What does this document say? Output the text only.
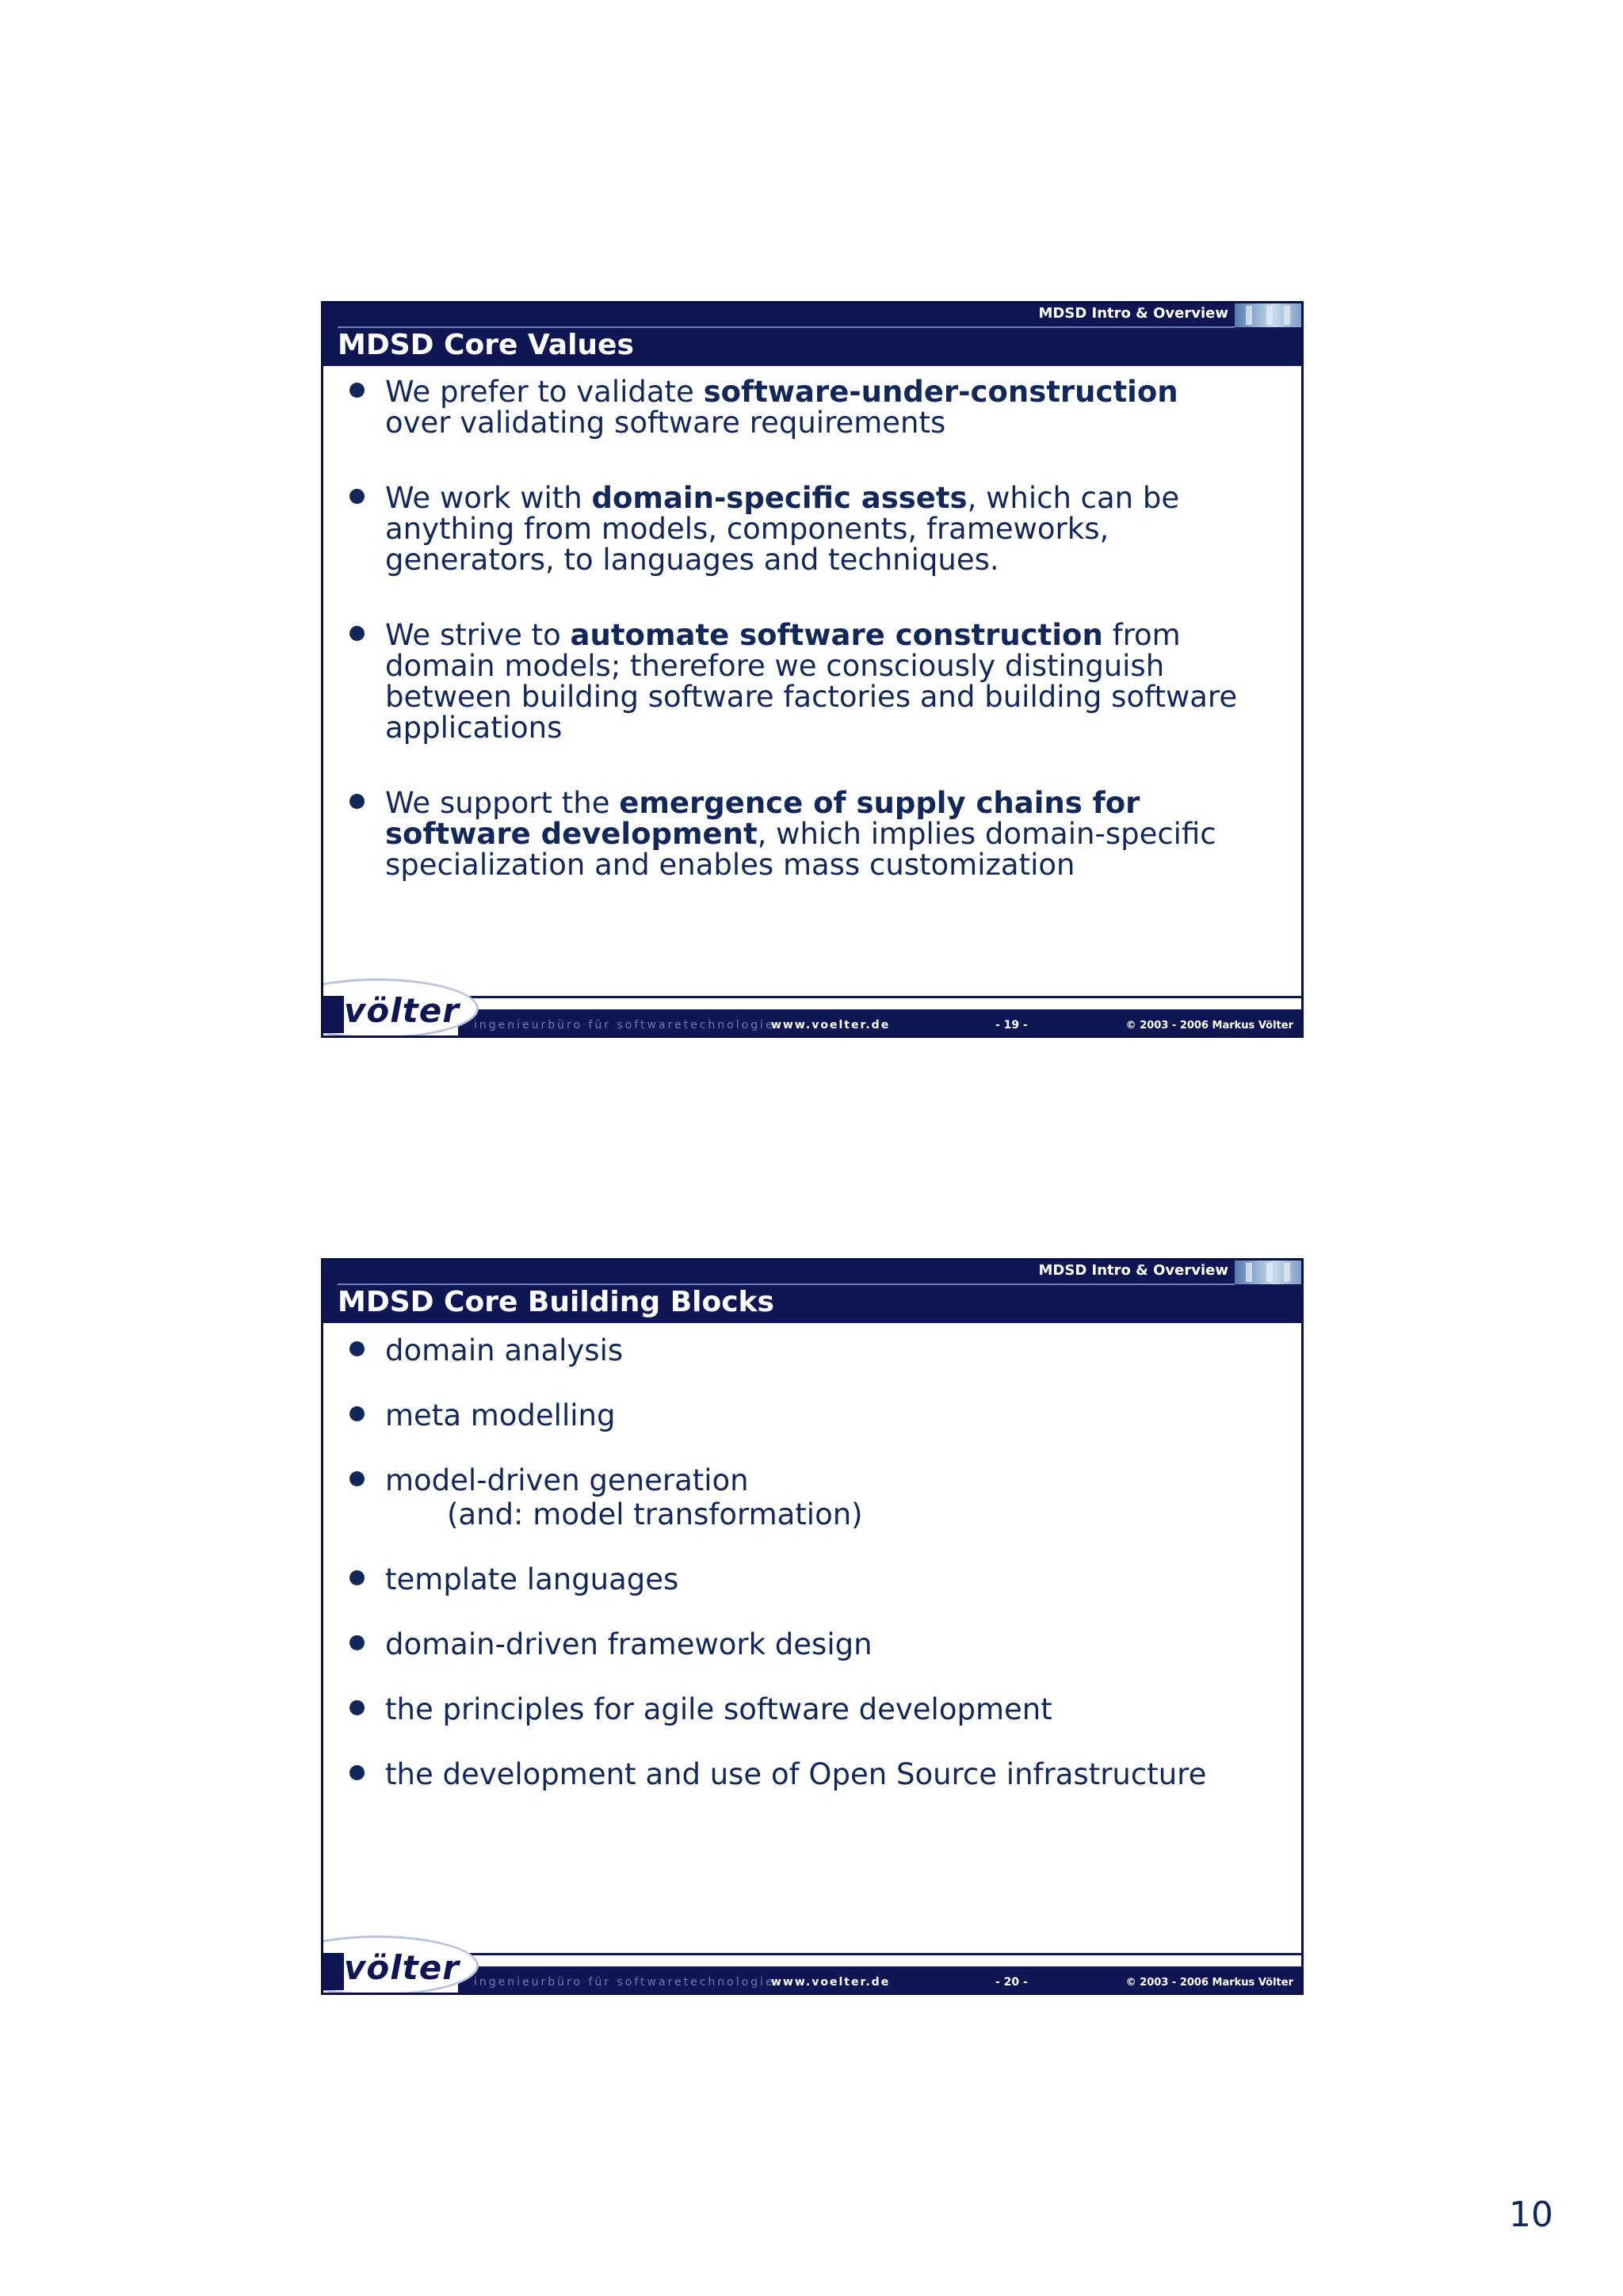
MDSD Intro & Overview
MDSD Core Values
We prefer to validate software-under-construction
over validating software requirements
We work with domain-specific assets, which can be
anything from models, components, frameworks,
generators, to languages and techniques.
We strive to automate software construction from
domain models; therefore we consciously distinguish
between building software factories and building software
applications
We support the emergence of supply chains for
software development, which implies domain-specific
specialization and enables mass customization
völter ingenieurbüro für softwaretechnologie
www.voelter.de	- 19 -	© 2003 - 2006 Markus Völter
MDSD Intro & Overview
MDSD Core Building Blocks
domain analysis
meta modelling
model-driven generation
(and: model transformation)
template languages
domain-driven framework design
the principles for agile software development
the development and use of Open Source infrastructure
völter ingenieurbüro für softwaretechnologie
www.voelter.de	- 20 -	© 2003 - 2006 Markus Völter
10
